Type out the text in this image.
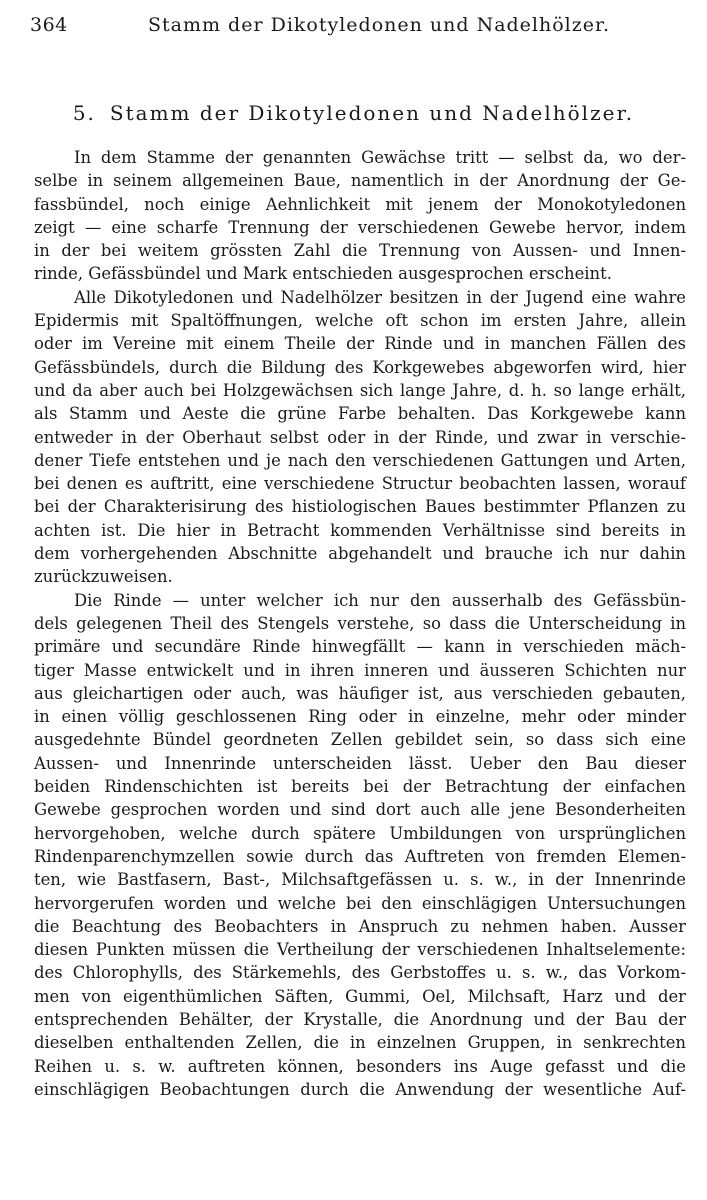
364	Stamm der Dikotyledonen und Nadelhölzer.
5. Stamm der Dikotyledonen und Nadelhölzer.
In dem Stamme der genannten Gewächse tritt — selbst da, wo der-
selbe in seinem allgemeinen Baue, namentlich in der Anordnung der Ge-
fassbündel, noch einige Aehnlichkeit mit jenem der Monokotyledonen
zeigt — eine scharfe Trennung der verschiedenen Gewebe hervor, indem
in der bei weitem grössten Zahl die Trennung von Aussen- und Innen-
rinde, Gefässbündel und Mark entschieden ausgesprochen erscheint.
Alle Dikotyledonen und Nadelhölzer besitzen in der Jugend eine wahre
Epidermis mit Spaltöffnungen, welche oft schon im ersten Jahre, allein
oder im Vereine mit einem Theile der Rinde und in manchen Fällen des
Gefässbündels, durch die Bildung des Korkgewebes abgeworfen wird, hier
und da aber auch bei Holzgewächsen sich lange Jahre, d. h. so lange erhält,
als Stamm und Aeste die grüne Farbe behalten. Das Korkgewebe kann
entweder in der Oberhaut selbst oder in der Rinde, und zwar in verschie-
dener Tiefe entstehen und je nach den verschiedenen Gattungen und Arten,
bei denen es auftritt, eine verschiedene Structur beobachten lassen, worauf
bei der Charakterisirung des histiologischen Baues bestimmter Pflanzen zu
achten ist. Die hier in Betracht kommenden Verhältnisse sind bereits in
dem vorhergehenden Abschnitte abgehandelt und brauche ich nur dahin
zurückzuweisen.
Die Rinde — unter welcher ich nur den ausserhalb des Gefässbün-
dels gelegenen Theil des Stengels verstehe, so dass die Unterscheidung in
primäre und secundäre Rinde hinwegfällt — kann in verschieden mäch-
tiger Masse entwickelt und in ihren inneren und äusseren Schichten nur
aus gleichartigen oder auch, was häufiger ist, aus verschieden gebauten,
in einen völlig geschlossenen Ring oder in einzelne, mehr oder minder
ausgedehnte Bündel geordneten Zellen gebildet sein, so dass sich eine
Aussen- und Innenrinde unterscheiden lässt. Ueber den Bau dieser
beiden Rindenschichten ist bereits bei der Betrachtung der einfachen
Gewebe gesprochen worden und sind dort auch alle jene Besonderheiten
hervorgehoben, welche durch spätere Umbildungen von ursprünglichen
Rindenparenchymzellen sowie durch das Auftreten von fremden Elemen-
ten, wie Bastfasern, Bast-, Milchsaftgefässen u. s. w., in der Innenrinde
hervorgerufen worden und welche bei den einschlägigen Untersuchungen
die Beachtung des Beobachters in Anspruch zu nehmen haben. Ausser
diesen Punkten müssen die Vertheilung der verschiedenen Inhaltselemente:
des Chlorophylls, des Stärkemehls, des Gerbstoffes u. s. w., das Vorkom-
men von eigenthümlichen Säften, Gummi, Oel, Milchsaft, Harz und der
entsprechenden Behälter, der Krystalle, die Anordnung und der Bau der
dieselben enthaltenden Zellen, die in einzelnen Gruppen, in senkrechten
Reihen u. s. w. auftreten können, besonders ins Auge gefasst und die
einschlägigen Beobachtungen durch die Anwendung der wesentliche Auf-
